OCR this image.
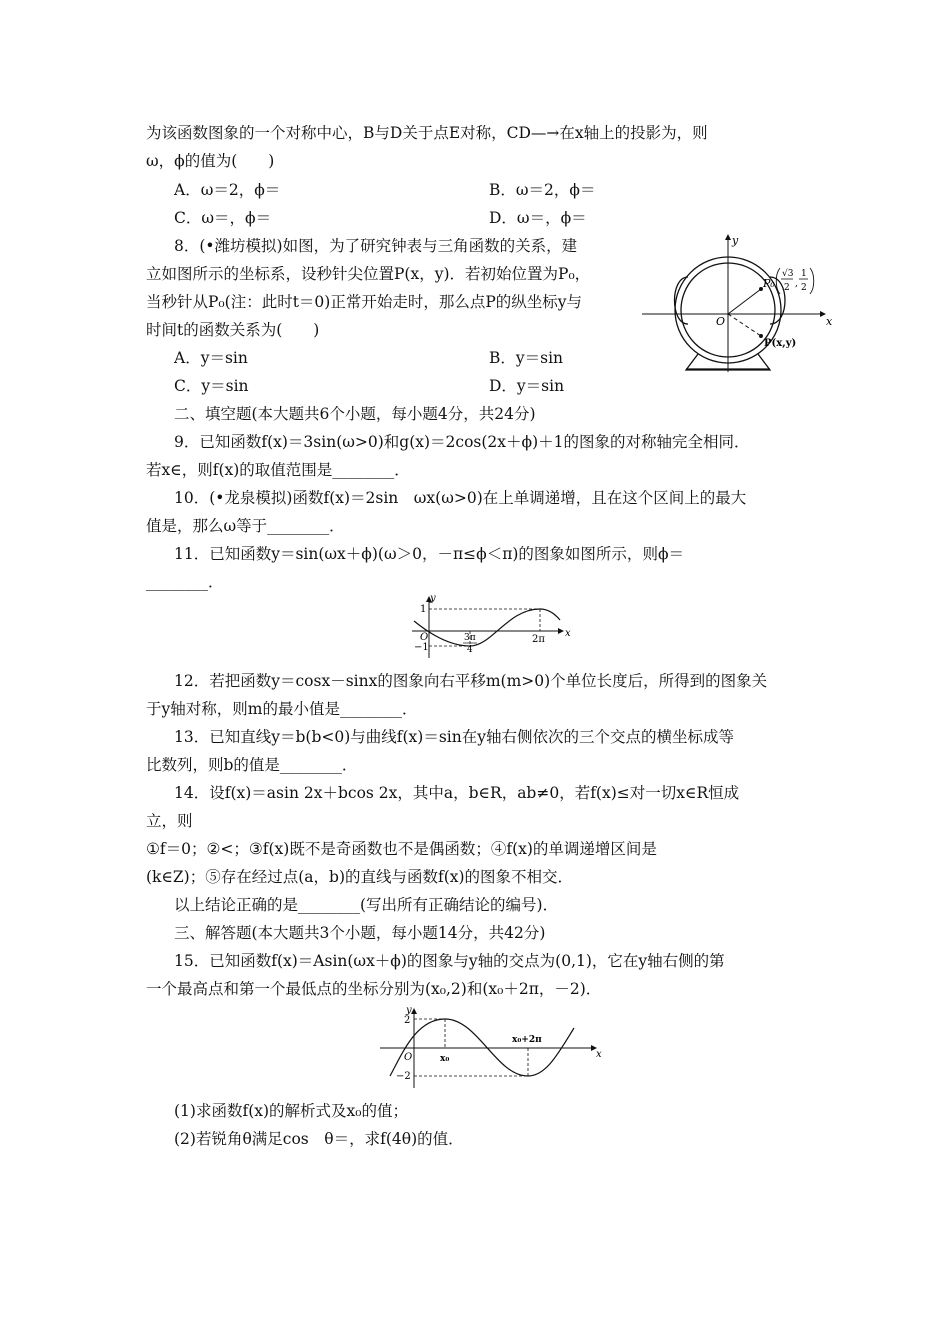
为该函数图象的一个对称中心，B与D关于点E对称，CD—→在x轴上的投影为，则
ω，ϕ的值为(　　)
A．ω＝2，ϕ＝	B．ω＝2，ϕ＝
C．ω＝，ϕ＝	D．ω＝，ϕ＝
8．(•潍坊模拟)如图，为了研究钟表与三角函数的关系，建
立如图所示的坐标系，设秒针尖位置P(x，y)．若初始位置为P₀，
当秒针从P₀(注：此时t＝0)正常开始走时，那么点P的纵坐标y与
时间t的函数关系为(　　)
A．y＝sin	B．y＝sin
C．y＝sin	D．y＝sin
y
x
O
P₀
√3
2 ,
1
2
P(x,y)
二、填空题(本大题共6个小题，每小题4分，共24分)
9．已知函数f(x)＝3sin(ω>0)和g(x)＝2cos(2x＋ϕ)＋1的图象的对称轴完全相同．
若x∈，则f(x)的取值范围是________．
10．(•龙泉模拟)函数f(x)＝2sin　ωx(ω>0)在上单调递增，且在这个区间上的最大
值是，那么ω等于________．
11．已知函数y＝sin(ωx＋ϕ)(ω＞0，－π≤ϕ＜π)的图象如图所示，则ϕ＝
________．
y
x
O
1
−1
3π
4
2π
12．若把函数y＝cosx－sinx的图象向右平移m(m>0)个单位长度后，所得到的图象关
于y轴对称，则m的最小值是________．
13．已知直线y＝b(b<0)与曲线f(x)＝sin在y轴右侧依次的三个交点的横坐标成等
比数列，则b的值是________．
14．设f(x)＝asin 2x＋bcos 2x，其中a，b∈R，ab≠0，若f(x)≤对一切x∈R恒成
立，则
①f＝0；②<；③f(x)既不是奇函数也不是偶函数；④f(x)的单调递增区间是
(k∈Z)；⑤存在经过点(a，b)的直线与函数f(x)的图象不相交．
以上结论正确的是________(写出所有正确结论的编号)．
三、解答题(本大题共3个小题，每小题14分，共42分)
15．已知函数f(x)＝Asin(ωx＋ϕ)的图象与y轴的交点为(0,1)，它在y轴右侧的第
一个最高点和第一个最低点的坐标分别为(x₀,2)和(x₀＋2π，－2)．
y
x
O
2
−2
x₀
x₀+2π
(1)求函数f(x)的解析式及x₀的值；
(2)若锐角θ满足cos　θ＝，求f(4θ)的值．
